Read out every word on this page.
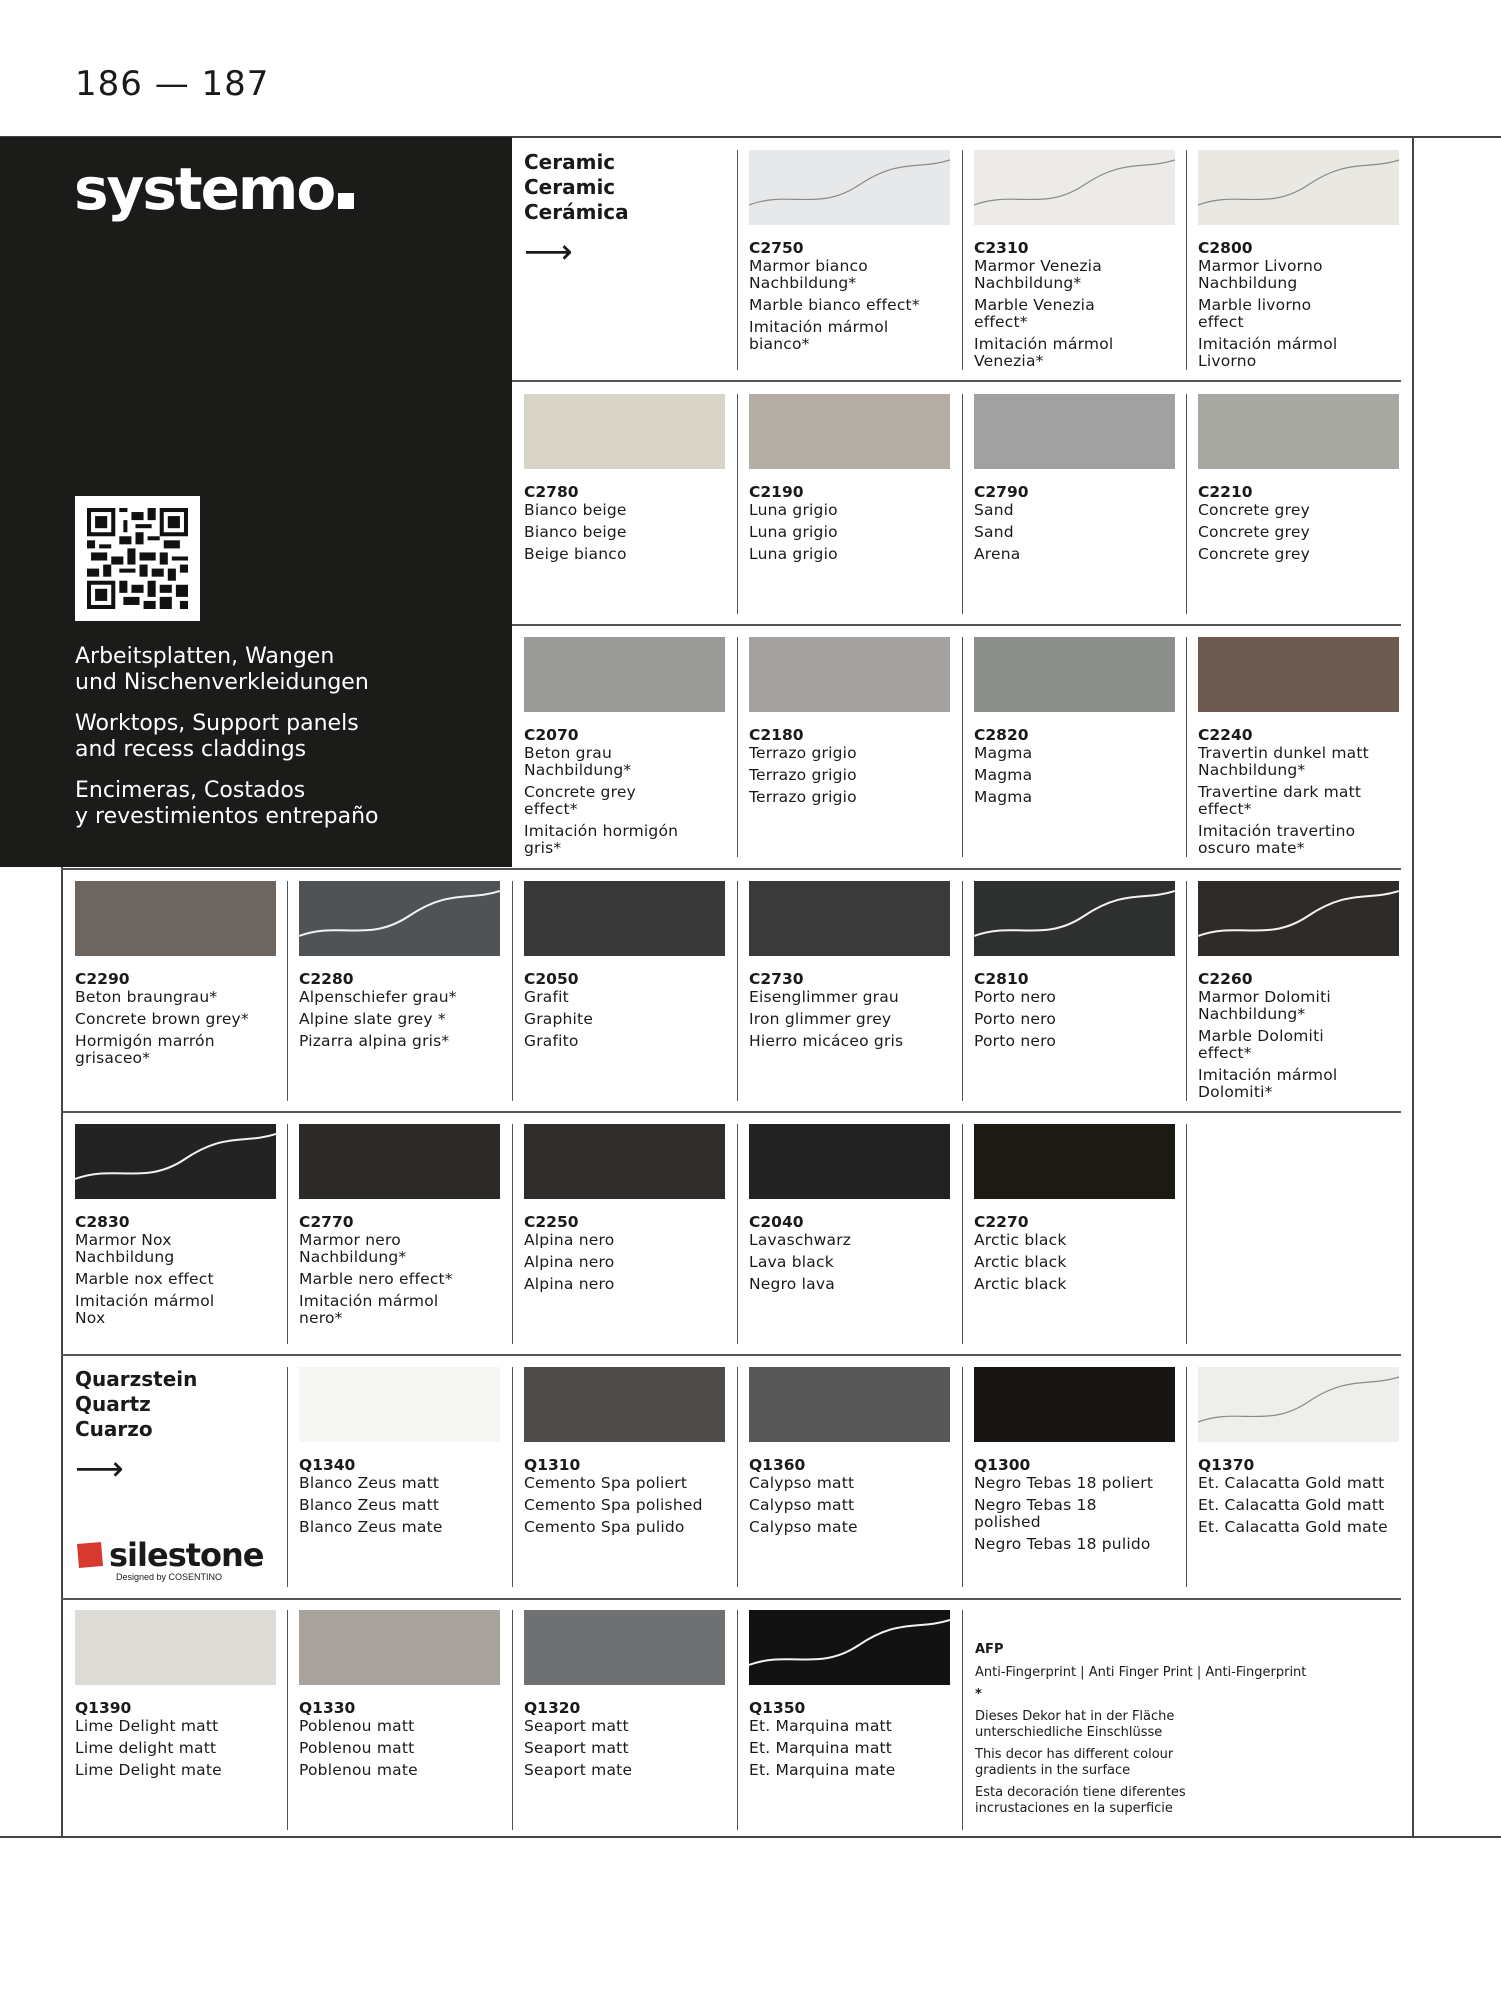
186 — 187
systemo
Arbeitsplatten, Wangen
und Nischenverkleidungen
Worktops, Support panels
and recess claddings
Encimeras, Costados
y revestimientos entrepaño
Ceramic
Ceramic
Cerámica
⟶
Quarzstein
Quartz
Cuarzo
⟶
silestone
Designed by COSENTINO
AFP
Anti-Fingerprint | Anti Finger Print | Anti-Fingerprint
*
Dieses Dekor hat in der Fläche
unterschiedliche Einschlüsse
This decor has different colour
gradients in the surface
Esta decoración tiene diferentes
incrustaciones en la superficie
C2750
Marmor bianco
Nachbildung*
Marble bianco effect*
Imitación mármol
bianco*
C2310
Marmor Venezia
Nachbildung*
Marble Venezia
effect*
Imitación mármol
Venezia*
C2800
Marmor Livorno
Nachbildung
Marble livorno
effect
Imitación mármol
Livorno
C2780
Bianco beige
Bianco beige
Beige bianco
C2190
Luna grigio
Luna grigio
Luna grigio
C2790
Sand
Sand
Arena
C2210
Concrete grey
Concrete grey
Concrete grey
C2070
Beton grau
Nachbildung*
Concrete grey
effect*
Imitación hormigón
gris*
C2180
Terrazo grigio
Terrazo grigio
Terrazo grigio
C2820
Magma
Magma
Magma
C2240
Travertin dunkel matt
Nachbildung*
Travertine dark matt
effect*
Imitación travertino
oscuro mate*
C2290
Beton braungrau*
Concrete brown grey*
Hormigón marrón
grisaceo*
C2280
Alpenschiefer grau*
Alpine slate grey *
Pizarra alpina gris*
C2050
Grafit
Graphite
Grafito
C2730
Eisenglimmer grau
Iron glimmer grey
Hierro micáceo gris
C2810
Porto nero
Porto nero
Porto nero
C2260
Marmor Dolomiti
Nachbildung*
Marble Dolomiti
effect*
Imitación mármol
Dolomiti*
C2830
Marmor Nox
Nachbildung
Marble nox effect
Imitación mármol
Nox
C2770
Marmor nero
Nachbildung*
Marble nero effect*
Imitación mármol
nero*
C2250
Alpina nero
Alpina nero
Alpina nero
C2040
Lavaschwarz
Lava black
Negro lava
C2270
Arctic black
Arctic black
Arctic black
Q1340
Blanco Zeus matt
Blanco Zeus matt
Blanco Zeus mate
Q1310
Cemento Spa poliert
Cemento Spa polished
Cemento Spa pulido
Q1360
Calypso matt
Calypso matt
Calypso mate
Q1300
Negro Tebas 18 poliert
Negro Tebas 18
polished
Negro Tebas 18 pulido
Q1370
Et. Calacatta Gold matt
Et. Calacatta Gold matt
Et. Calacatta Gold mate
Q1390
Lime Delight matt
Lime delight matt
Lime Delight mate
Q1330
Poblenou matt
Poblenou matt
Poblenou mate
Q1320
Seaport matt
Seaport matt
Seaport mate
Q1350
Et. Marquina matt
Et. Marquina matt
Et. Marquina mate
